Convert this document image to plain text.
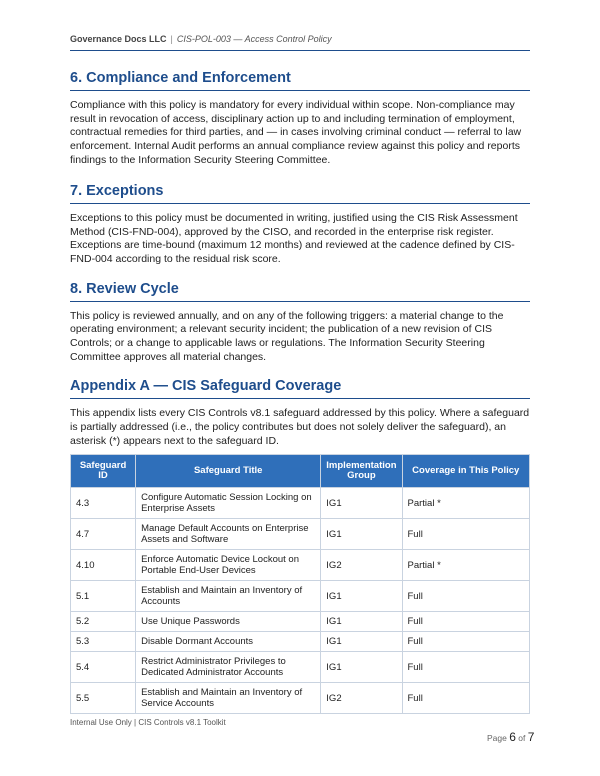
Governance Docs LLC | CIS-POL-003 — Access Control Policy
6. Compliance and Enforcement

Compliance with this policy is mandatory for every individual within scope. Non-compliance may result in revocation of access, disciplinary action up to and including termination of employment, contractual remedies for third parties, and — in cases involving criminal conduct — referral to law enforcement. Internal Audit performs an annual compliance review against this policy and reports findings to the Information Security Steering Committee.

7. Exceptions

Exceptions to this policy must be documented in writing, justified using the CIS Risk Assessment Method (CIS-FND-004), approved by the CISO, and recorded in the enterprise risk register. Exceptions are time-bound (maximum 12 months) and reviewed at the cadence defined by CIS-FND-004 according to the residual risk score.

8. Review Cycle

This policy is reviewed annually, and on any of the following triggers: a material change to the operating environment; a relevant security incident; the publication of a new revision of CIS Controls; or a change to applicable laws or regulations. The Information Security Steering Committee approves all material changes.

Appendix A — CIS Safeguard Coverage

This appendix lists every CIS Controls v8.1 safeguard addressed by this policy. Where a safeguard is partially addressed (i.e., the policy contributes but does not solely deliver the safeguard), an asterisk (*) appears next to the safeguard ID.

Safeguard ID	Safeguard Title	Implementation Group	Coverage in This Policy
4.3	Configure Automatic Session Locking on Enterprise Assets	IG1	Partial *
4.7	Manage Default Accounts on Enterprise Assets and Software	IG1	Full
4.10	Enforce Automatic Device Lockout on Portable End-User Devices	IG2	Partial *
5.1	Establish and Maintain an Inventory of Accounts	IG1	Full
5.2	Use Unique Passwords	IG1	Full
5.3	Disable Dormant Accounts	IG1	Full
5.4	Restrict Administrator Privileges to Dedicated Administrator Accounts	IG1	Full
5.5	Establish and Maintain an Inventory of Service Accounts	IG2	Full
Internal Use Only | CIS Controls v8.1 Toolkit
Page 6 of 7
